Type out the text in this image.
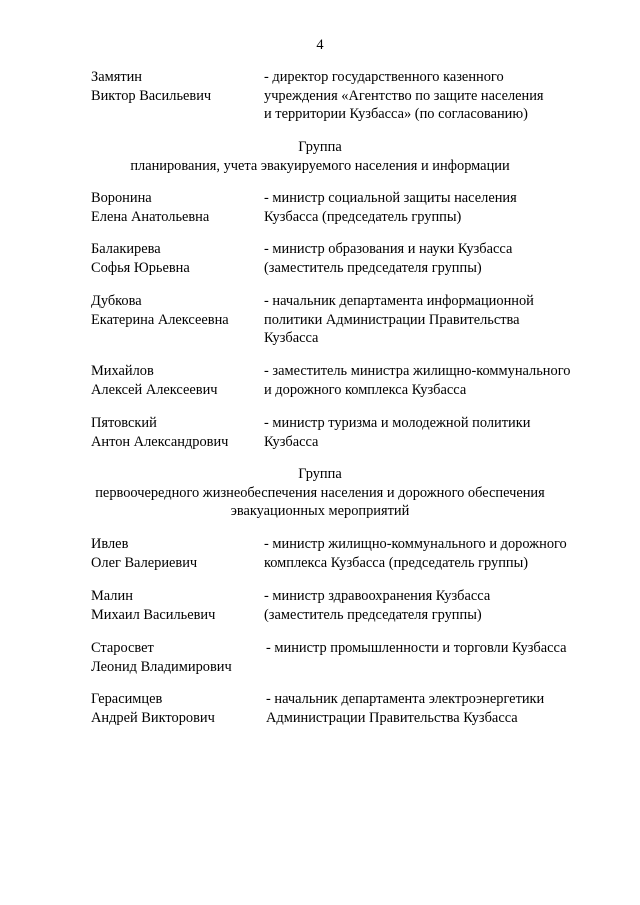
4
Замятин
Виктор Васильевич
- директор государственного казенного
учреждения «Агентство по защите населения
и территории Кузбасса» (по согласованию)
Группа
планирования, учета эвакуируемого населения и информации
Воронина
Елена Анатольевна
- министр социальной защиты населения
Кузбасса (председатель группы)
Балакирева
Софья Юрьевна
- министр образования и науки Кузбасса
(заместитель председателя группы)
Дубкова
Екатерина Алексеевна
- начальник департамента информационной
политики Администрации Правительства
Кузбасса
Михайлов
Алексей Алексеевич
- заместитель министра жилищно-коммунального
и дорожного комплекса Кузбасса
Пятовский
Антон Александрович
- министр туризма и молодежной политики
Кузбасса
Группа
первоочередного жизнеобеспечения населения и дорожного обеспечения
эвакуационных мероприятий
Ивлев
Олег Валериевич
- министр жилищно-коммунального и дорожного
комплекса Кузбасса (председатель группы)
Малин
Михаил Васильевич
- министр здравоохранения Кузбасса
(заместитель председателя группы)
Старосвет
Леонид Владимирович
- министр промышленности и торговли Кузбасса
Герасимцев
Андрей Викторович
- начальник департамента электроэнергетики
Администрации Правительства Кузбасса
